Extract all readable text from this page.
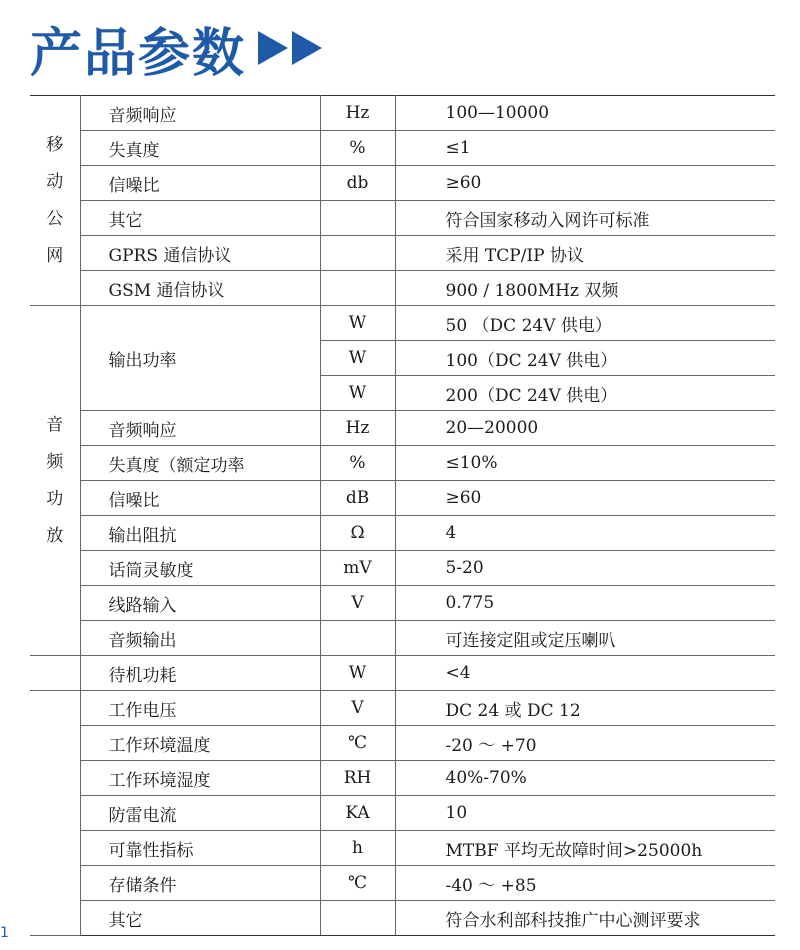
产品参数
移
动
公
网	音频响应	Hz	100—10000
	失真度	%	≤1
	信噪比	db	≥60
	其它		符合国家移动入网许可标准
	GPRS 通信协议		采用 TCP/IP 协议
	GSM 通信协议		900 / 1800MHz 双频

音
频
功
放	输出功率	W	50 （DC 24V 供电）
		W	100（DC 24V 供电）
		W	200（DC 24V 供电）
	音频响应	Hz	20—20000
	失真度（额定功率	%	≤10%
	信噪比	dB	≥60
	输出阻抗	Ω	4
	话筒灵敏度	mV	5-20
	线路输入	V	0.775
	音频输出		可连接定阻或定压喇叭
	待机功耗	W	<4
	工作电压	V	DC 24 或 DC 12
	工作环境温度	℃	-20 ～ +70
	工作环境湿度	RH	40%-70%
	防雷电流	KA	10
	可靠性指标	h	MTBF 平均无故障时间>25000h
	存储条件	℃	-40 ～ +85
	其它		符合水利部科技推广中心测评要求
1
